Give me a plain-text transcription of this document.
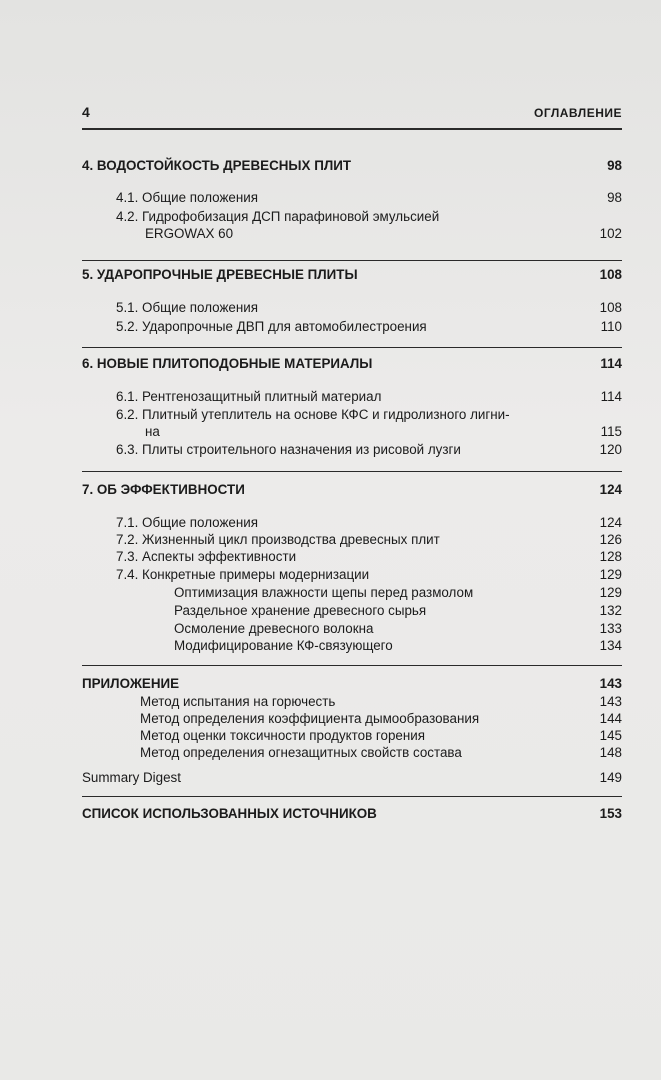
4	ОГЛАВЛЕНИЕ
4. ВОДОСТОЙКОСТЬ ДРЕВЕСНЫХ ПЛИТ	98
4.1. Общие положения	98
4.2. Гидрофобизация ДСП парафиновой эмульсией
ERGOWAX 60	102
5. УДАРОПРОЧНЫЕ ДРЕВЕСНЫЕ ПЛИТЫ	108
5.1. Общие положения	108
5.2. Ударопрочные ДВП для автомобилестроения	110
6. НОВЫЕ ПЛИТОПОДОБНЫЕ МАТЕРИАЛЫ	114
6.1. Рентгенозащитный плитный материал	114
6.2. Плитный утеплитель на основе КФС и гидролизного лигни-
на	115
6.3. Плиты строительного назначения из рисовой лузги	120
7. ОБ ЭФФЕКТИВНОСТИ	124
7.1. Общие положения	124
7.2. Жизненный цикл производства древесных плит	126
7.3. Аспекты эффективности	128
7.4. Конкретные примеры модернизации	129
Оптимизация влажности щепы перед размолом	129
Раздельное хранение древесного сырья	132
Осмоление древесного волокна	133
Модифицирование КФ-связующего	134
ПРИЛОЖЕНИЕ	143
Метод испытания на горючесть	143
Метод определения коэффициента дымообразования	144
Метод оценки токсичности продуктов горения	145
Метод определения огнезащитных свойств состава	148
Summary Digest	149
СПИСОК ИСПОЛЬЗОВАННЫХ ИСТОЧНИКОВ	153
